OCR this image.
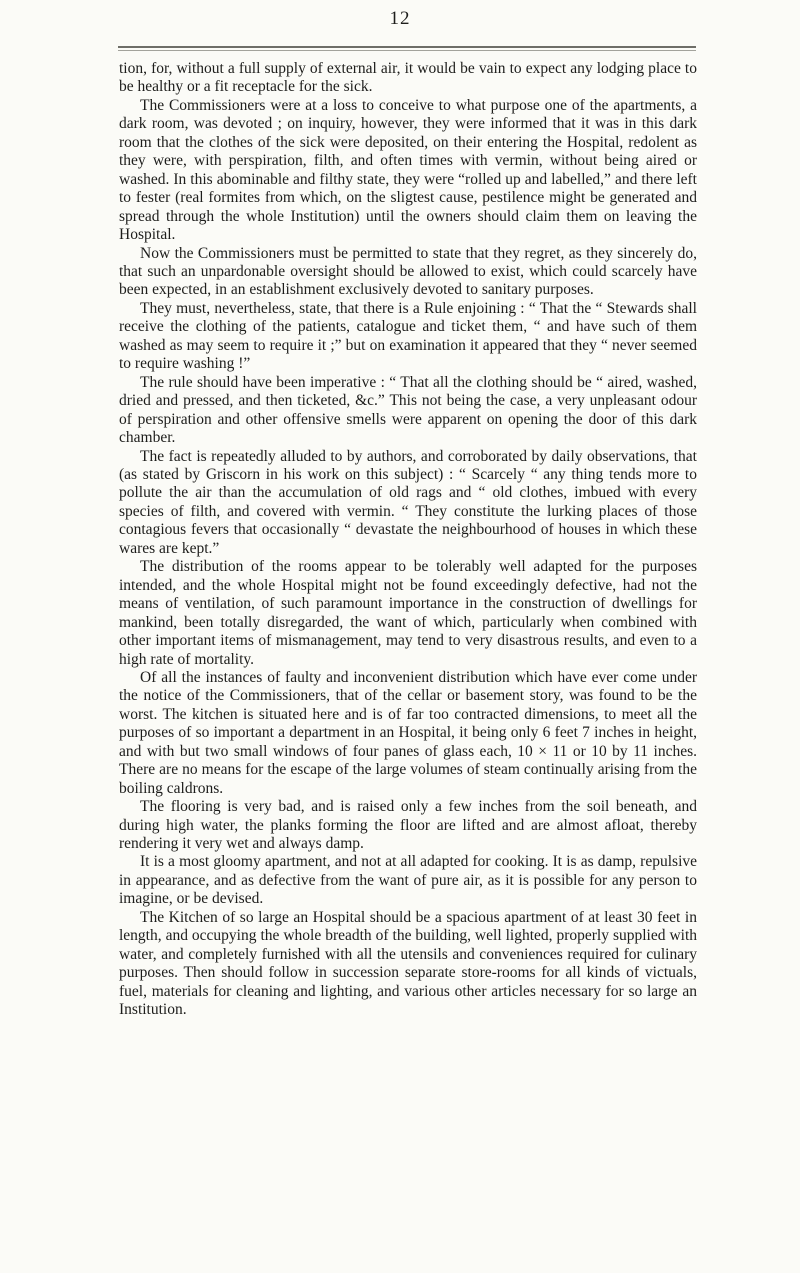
12

tion, for, without a full supply of external air, it would be vain to expect any lodging place to be healthy or a fit receptacle for the sick.

The Commissioners were at a loss to conceive to what purpose one of the apartments, a dark room, was devoted ; on inquiry, however, they were informed that it was in this dark room that the clothes of the sick were deposited, on their entering the Hospital, redolent as they were, with perspiration, filth, and often times with vermin, without being aired or washed. In this abominable and filthy state, they were “rolled up and labelled,” and there left to fester (real formites from which, on the sligtest cause, pestilence might be generated and spread through the whole Institution) until the owners should claim them on leaving the Hospital.

Now the Commissioners must be permitted to state that they regret, as they sincerely do, that such an unpardonable oversight should be allowed to exist, which could scarcely have been expected, in an establishment exclusively devoted to sanitary purposes.

They must, nevertheless, state, that there is a Rule enjoining : “ That the “ Stewards shall receive the clothing of the patients, catalogue and ticket them, “ and have such of them washed as may seem to require it ;” but on examination it appeared that they “ never seemed to require washing !”

The rule should have been imperative : “ That all the clothing should be “ aired, washed, dried and pressed, and then ticketed, &c.” This not being the case, a very unpleasant odour of perspiration and other offensive smells were apparent on opening the door of this dark chamber.

The fact is repeatedly alluded to by authors, and corroborated by daily observations, that (as stated by Griscorn in his work on this subject) : “ Scarcely “ any thing tends more to pollute the air than the accumulation of old rags and “ old clothes, imbued with every species of filth, and covered with vermin. “ They constitute the lurking places of those contagious fevers that occasionally “ devastate the neighbourhood of houses in which these wares are kept.”

The distribution of the rooms appear to be tolerably well adapted for the purposes intended, and the whole Hospital might not be found exceedingly defective, had not the means of ventilation, of such paramount importance in the construction of dwellings for mankind, been totally disregarded, the want of which, particularly when combined with other important items of mismanagement, may tend to very disastrous results, and even to a high rate of mortality.

Of all the instances of faulty and inconvenient distribution which have ever come under the notice of the Commissioners, that of the cellar or basement story, was found to be the worst. The kitchen is situated here and is of far too contracted dimensions, to meet all the purposes of so important a department in an Hospital, it being only 6 feet 7 inches in height, and with but two small windows of four panes of glass each, 10 × 11 or 10 by 11 inches. There are no means for the escape of the large volumes of steam continually arising from the boiling caldrons.

The flooring is very bad, and is raised only a few inches from the soil beneath, and during high water, the planks forming the floor are lifted and are almost afloat, thereby rendering it very wet and always damp.

It is a most gloomy apartment, and not at all adapted for cooking. It is as damp, repulsive in appearance, and as defective from the want of pure air, as it is possible for any person to imagine, or be devised.

The Kitchen of so large an Hospital should be a spacious apartment of at least 30 feet in length, and occupying the whole breadth of the building, well lighted, properly supplied with water, and completely furnished with all the utensils and conveniences required for culinary purposes. Then should follow in succession separate store-rooms for all kinds of victuals, fuel, materials for cleaning and lighting, and various other articles necessary for so large an Institution.
